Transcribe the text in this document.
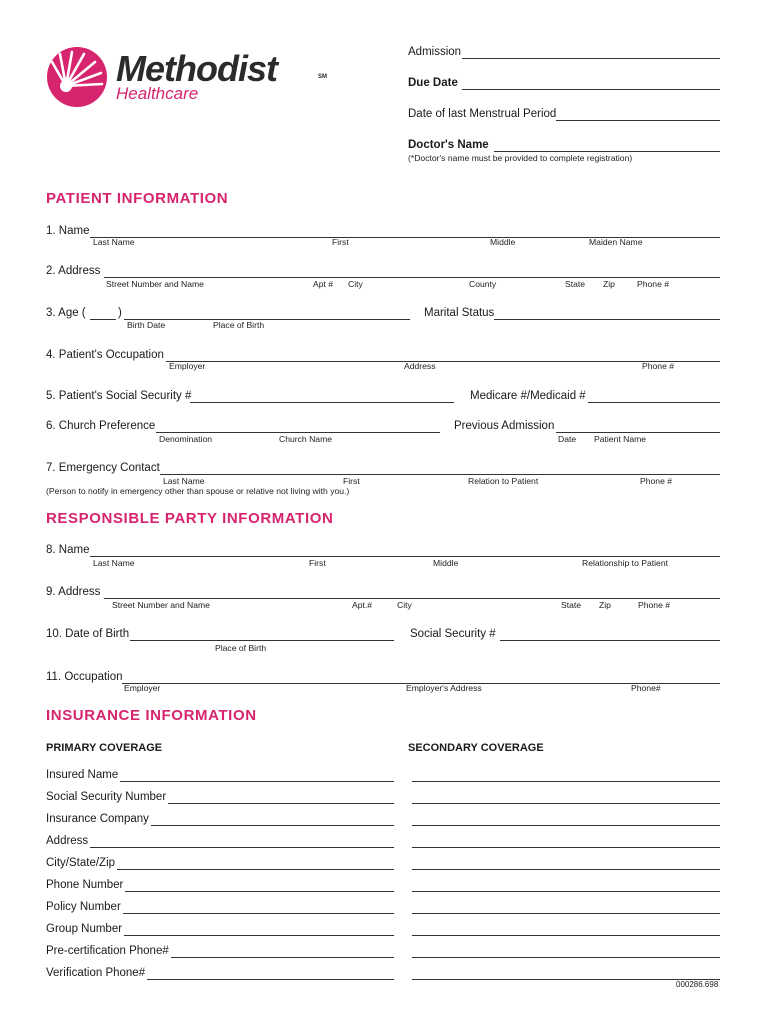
Methodist	SM
Healthcare
Admission
Due Date
Date of last Menstrual Period
Doctor's Name
(*Doctor's name must be provided to complete registration)
PATIENT INFORMATION
1. Name
Last Name	First	Middle	Maiden Name
2. Address
Street Number and Name	Apt # City	County	State Zip	Phone #
3. Age (	)
Birth Date	Place of Birth
Marital Status
4. Patient's Occupation
Employer	Address	Phone #
5. Patient's Social Security #	Medicare #/Medicaid #
6. Church Preference
Denomination	Church Name
Previous Admission
Date Patient Name
7. Emergency Contact
Last Name	First	Relation to Patient	Phone #
(Person to notify in emergency other than spouse or relative not living with you.)
RESPONSIBLE PARTY INFORMATION
8. Name
Last Name	First	Middle	Relationship to Patient
9. Address
Street Number and Name	Apt.#	City	State Zip	Phone #
10. Date of Birth
Place of Birth
Social Security #
11. Occupation
Employer	Employer's Address	Phone#
INSURANCE INFORMATION
PRIMARY COVERAGE	SECONDARY COVERAGE
Insured Name
Social Security Number
Insurance Company
Address
City/State/Zip
Phone Number
Policy Number
Group Number
Pre-certification Phone#
Verification Phone#
000286.698
